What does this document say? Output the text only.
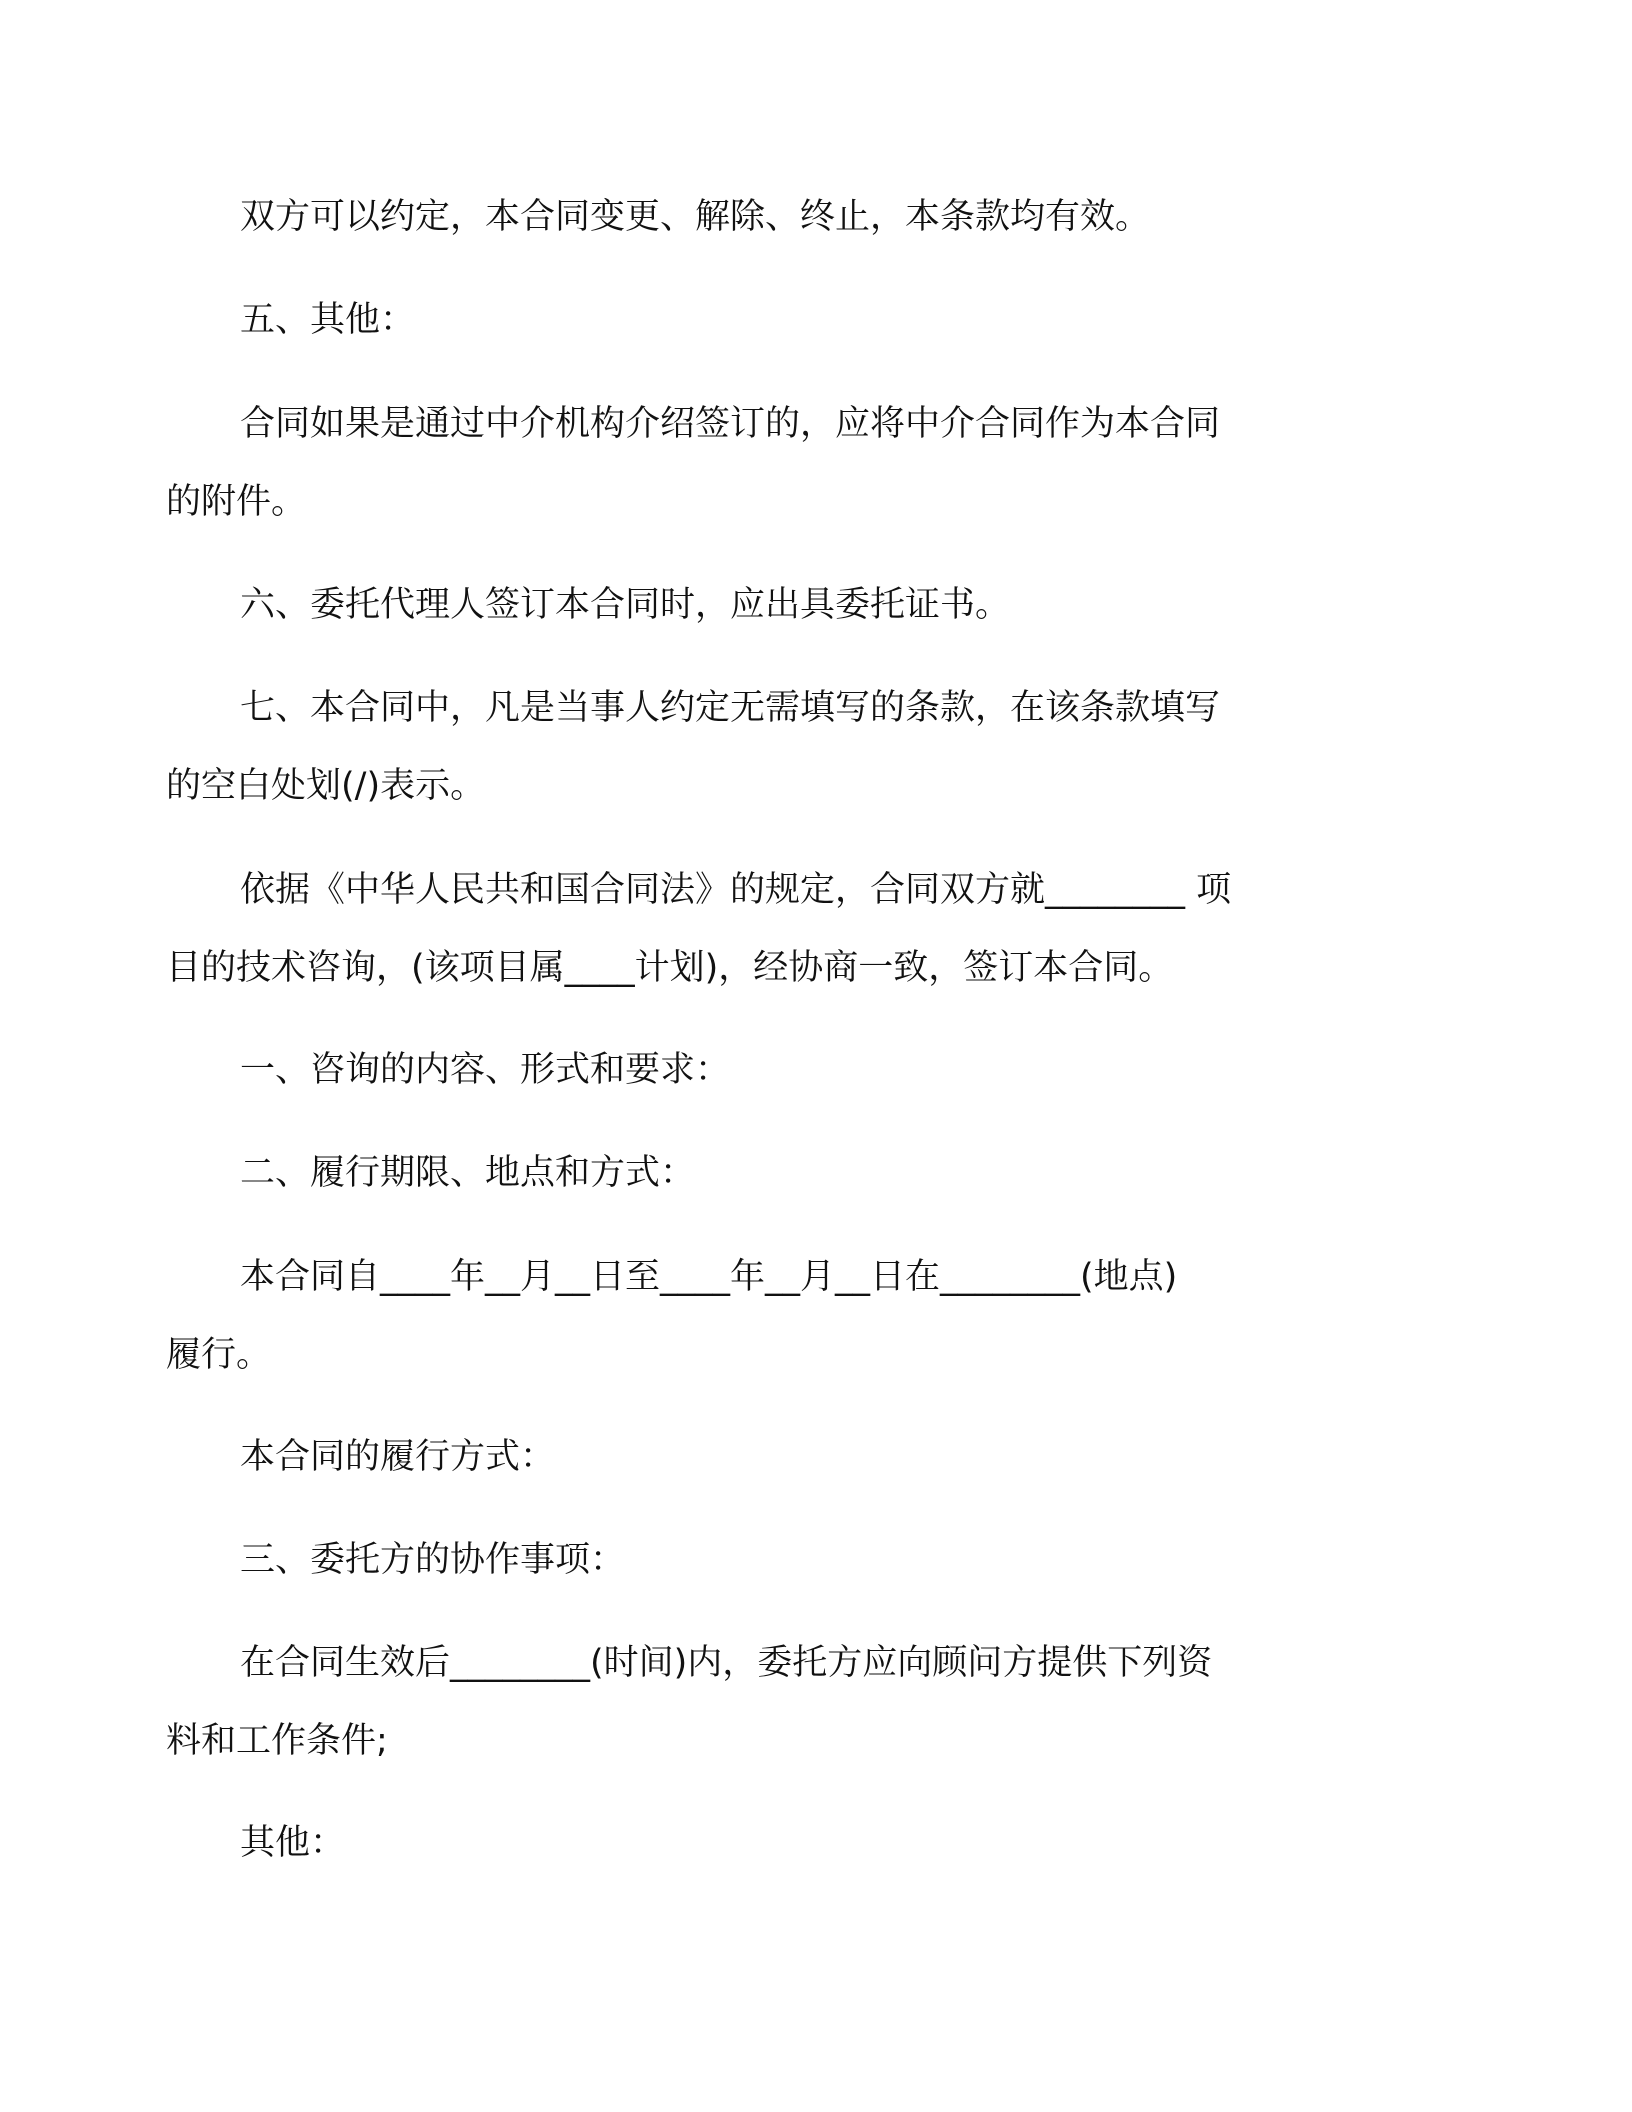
双方可以约定，本合同变更、解除、终止，本条款均有效。
五、其他：
合同如果是通过中介机构介绍签订的，应将中介合同作为本合同
的附件。
六、委托代理人签订本合同时，应出具委托证书。
七、本合同中，凡是当事人约定无需填写的条款，在该条款填写
的空白处划(/)表示。
依据《中华人民共和国合同法》的规定，合同双方就________ 项
目的技术咨询，(该项目属____计划)，经协商一致，签订本合同。
一、咨询的内容、形式和要求：
二、履行期限、地点和方式：
本合同自____年__月__日至____年__月__日在________(地点)
履行。
本合同的履行方式：
三、委托方的协作事项：
在合同生效后________(时间)内，委托方应向顾问方提供下列资
料和工作条件;
其他：
